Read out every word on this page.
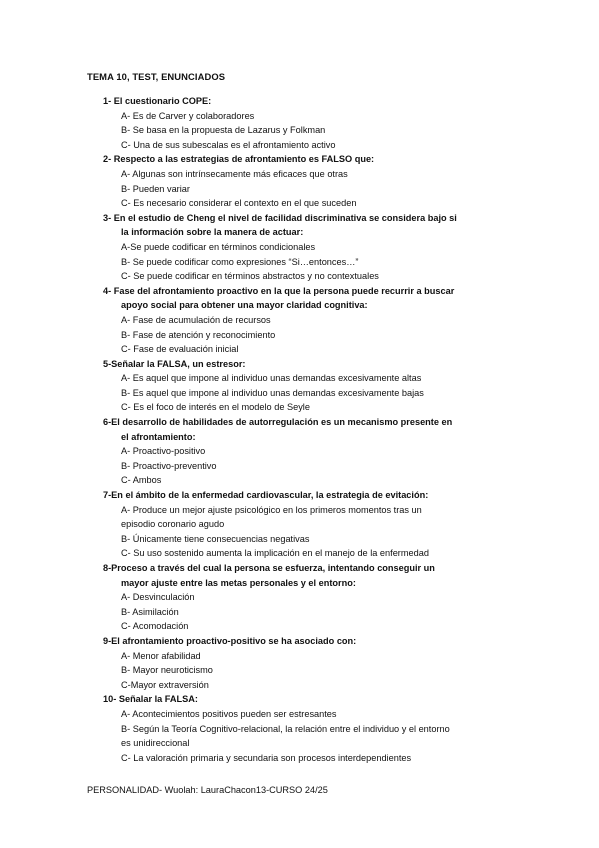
TEMA 10, TEST, ENUNCIADOS
1- El cuestionario COPE:
A- Es de Carver y colaboradores
B- Se basa en la propuesta de Lazarus y Folkman
C- Una de sus subescalas es el afrontamiento activo
2- Respecto a las estrategias de afrontamiento es FALSO que:
A- Algunas son intrínsecamente más eficaces que otras
B- Pueden variar
C- Es necesario considerar el contexto en el que suceden
3- En el estudio de Cheng el nivel de facilidad discriminativa se considera bajo si
la información sobre la manera de actuar:
A-Se puede codificar en términos condicionales
B- Se puede codificar como expresiones “Si…entonces…”
C- Se puede codificar en términos abstractos y no contextuales
4- Fase del afrontamiento proactivo en la que la persona puede recurrir a buscar
apoyo social para obtener una mayor claridad cognitiva:
A- Fase de acumulación de recursos
B- Fase de atención y reconocimiento
C- Fase de evaluación inicial
5-Señalar la FALSA, un estresor:
A- Es aquel que impone al individuo unas demandas excesivamente altas
B- Es aquel que impone al individuo unas demandas excesivamente bajas
C- Es el foco de interés en el modelo de Seyle
6-El desarrollo de habilidades de autorregulación es un mecanismo presente en
el afrontamiento:
A- Proactivo-positivo
B- Proactivo-preventivo
C- Ambos
7-En el ámbito de la enfermedad cardiovascular, la estrategia de evitación:
A- Produce un mejor ajuste psicológico en los primeros momentos tras un
episodio coronario agudo
B- Únicamente tiene consecuencias negativas
C- Su uso sostenido aumenta la implicación en el manejo de la enfermedad
8-Proceso a través del cual la persona se esfuerza, intentando conseguir un
mayor ajuste entre las metas personales y el entorno:
A- Desvinculación
B- Asimilación
C- Acomodación
9-El afrontamiento proactivo-positivo se ha asociado con:
A- Menor afabilidad
B- Mayor neuroticismo
C-Mayor extraversión
10- Señalar la FALSA:
A- Acontecimientos positivos pueden ser estresantes
B- Según la Teoría Cognitivo-relacional, la relación entre el individuo y el entorno
es unidireccional
C- La valoración primaria y secundaria son procesos interdependientes
PERSONALIDAD- Wuolah: LauraChacon13-CURSO 24/25
